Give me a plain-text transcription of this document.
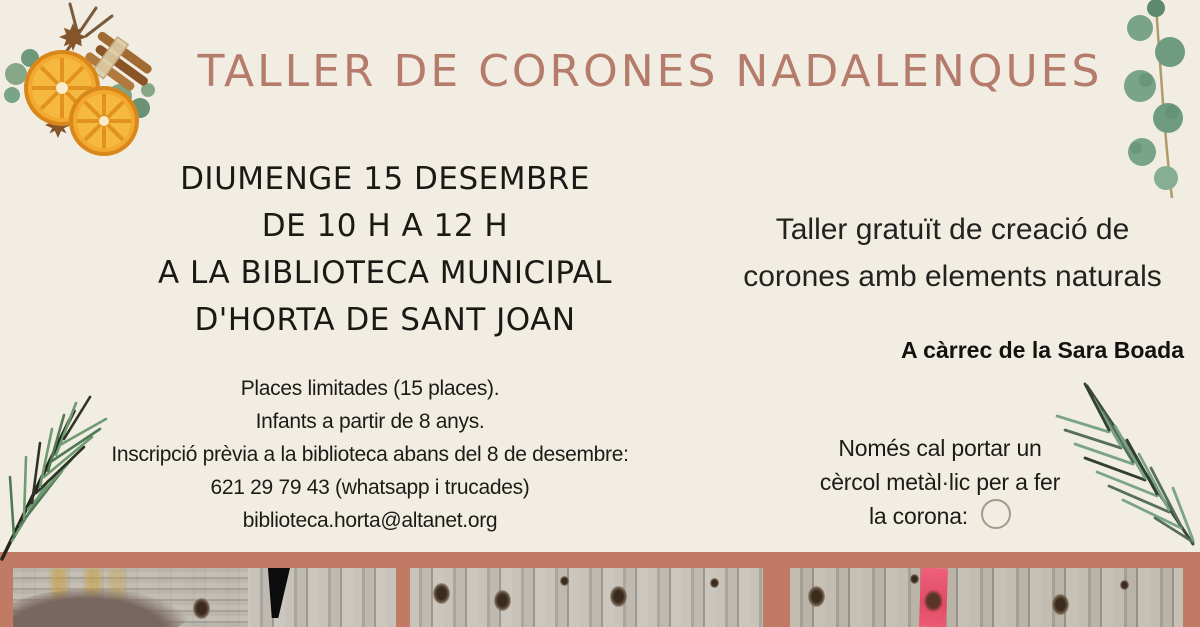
TALLER DE CORONES NADALENQUES
DIUMENGE 15 DESEMBRE
DE 10 H A 12 H
A LA BIBLIOTECA MUNICIPAL
D'HORTA DE SANT JOAN
Taller gratuït de creació de
corones amb elements naturals
A càrrec de la Sara Boada
Places limitades (15 places).
Infants a partir de 8 anys.
Inscripció prèvia a la biblioteca abans del 8 de desembre:
621 29 79 43 (whatsapp i trucades)
biblioteca.horta@altanet.org
Només cal portar un
cèrcol metàl·lic per a fer
la corona:
